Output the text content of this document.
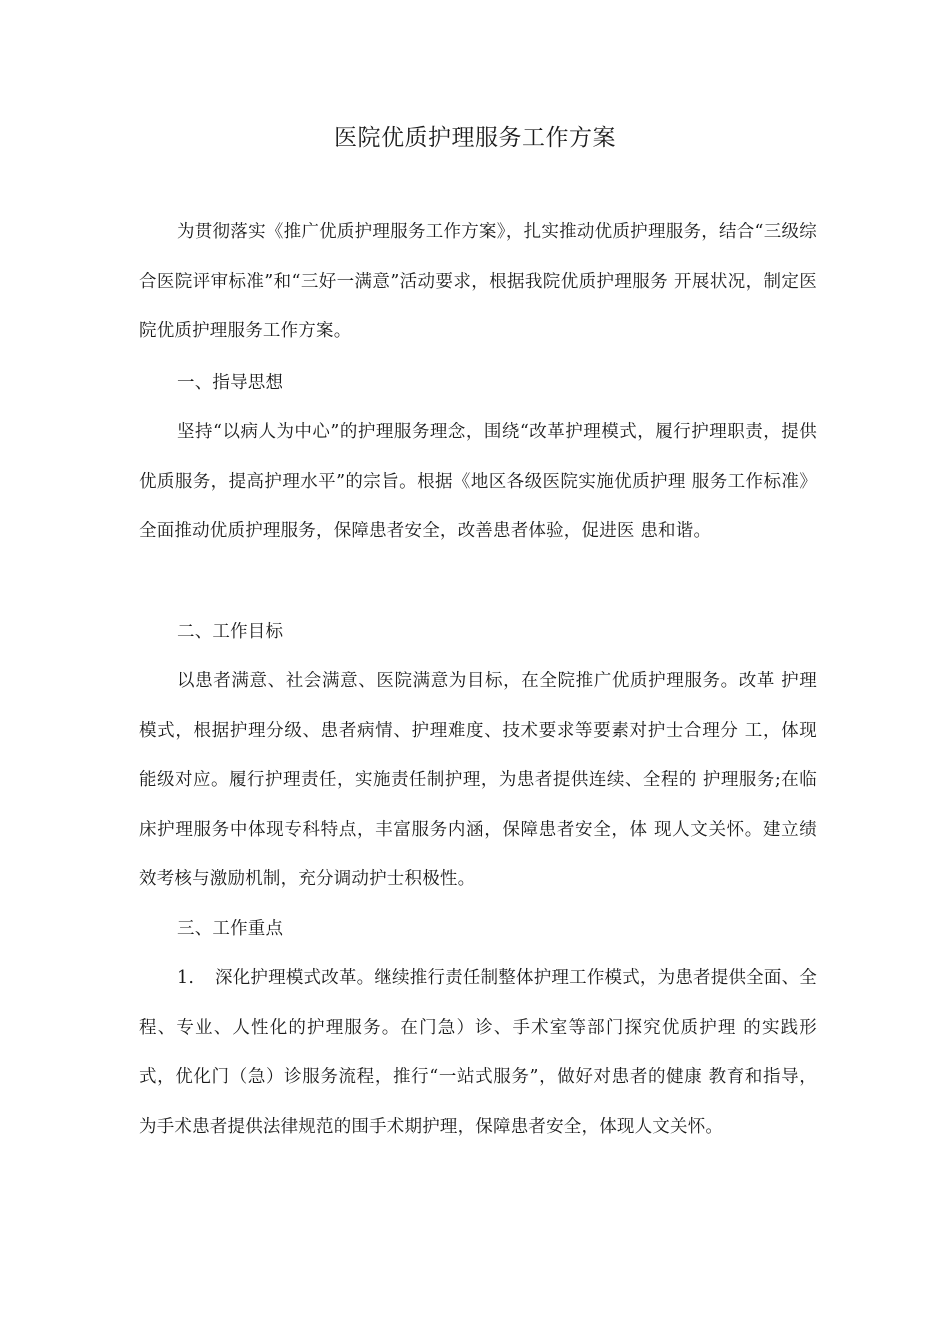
医院优质护理服务工作方案
为贯彻落实《推广优质护理服务工作方案》，扎实推动优质护理服务，结合“三级综合医院评审标准”和“三好一满意”活动要求，根据我院优质护理服务 开展状况，制定医院优质护理服务工作方案。
一、指导思想
坚持“以病人为中心”的护理服务理念，围绕“改革护理模式，履行护理职责，提供优质服务，提高护理水平”的宗旨。根据《地区各级医院实施优质护理 服务工作标准》全面推动优质护理服务，保障患者安全，改善患者体验，促进医 患和谐。
二、工作目标
以患者满意、社会满意、医院满意为目标，在全院推广优质护理服务。改革 护理模式，根据护理分级、患者病情、护理难度、技术要求等要素对护士合理分 工，体现能级对应。履行护理责任，实施责任制护理，为患者提供连续、全程的 护理服务;在临床护理服务中体现专科特点，丰富服务内涵，保障患者安全，体 现人文关怀。建立绩效考核与激励机制，充分调动护士积极性。
三、工作重点
1. 深化护理模式改革。继续推行责任制整体护理工作模式，为患者提供全面、全程、专业、人性化的护理服务。在门急）诊、手术室等部门探究优质护理 的实践形式，优化门（急）诊服务流程，推行“一站式服务”，做好对患者的健康 教育和指导，为手术患者提供法律规范的围手术期护理，保障患者安全，体现人文关怀。
